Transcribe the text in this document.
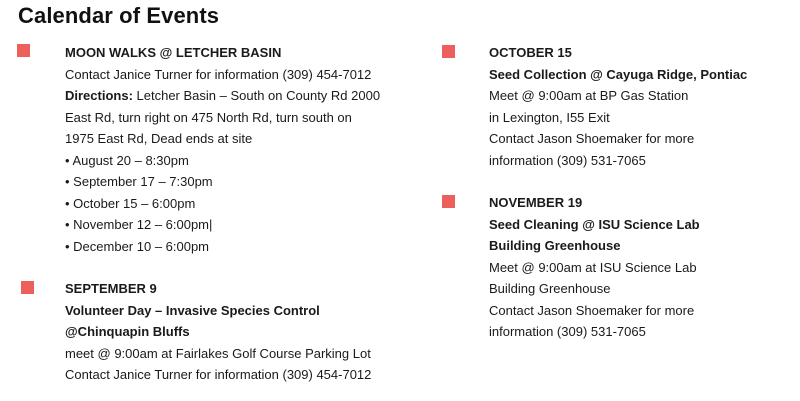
Calendar of Events
MOON WALKS @ LETCHER BASIN
Contact Janice Turner for information (309) 454-7012
Directions: Letcher Basin – South on County Rd 2000
East Rd, turn right on 475 North Rd, turn south on
1975 East Rd, Dead ends at site
• August 20 – 8:30pm
• September 17 – 7:30pm
• October 15 – 6:00pm
• November 12 – 6:00pm|
• December 10 – 6:00pm
SEPTEMBER 9
Volunteer Day – Invasive Species Control
@Chinquapin Bluffs
meet @ 9:00am at Fairlakes Golf Course Parking Lot
Contact Janice Turner for information (309) 454-7012
OCTOBER 15
Seed Collection @ Cayuga Ridge, Pontiac
Meet @ 9:00am at BP Gas Station
in Lexington, I55 Exit
Contact Jason Shoemaker for more
information (309) 531-7065
NOVEMBER 19
Seed Cleaning @ ISU Science Lab
Building Greenhouse
Meet @ 9:00am at ISU Science Lab
Building Greenhouse
Contact Jason Shoemaker for more
information (309) 531-7065
